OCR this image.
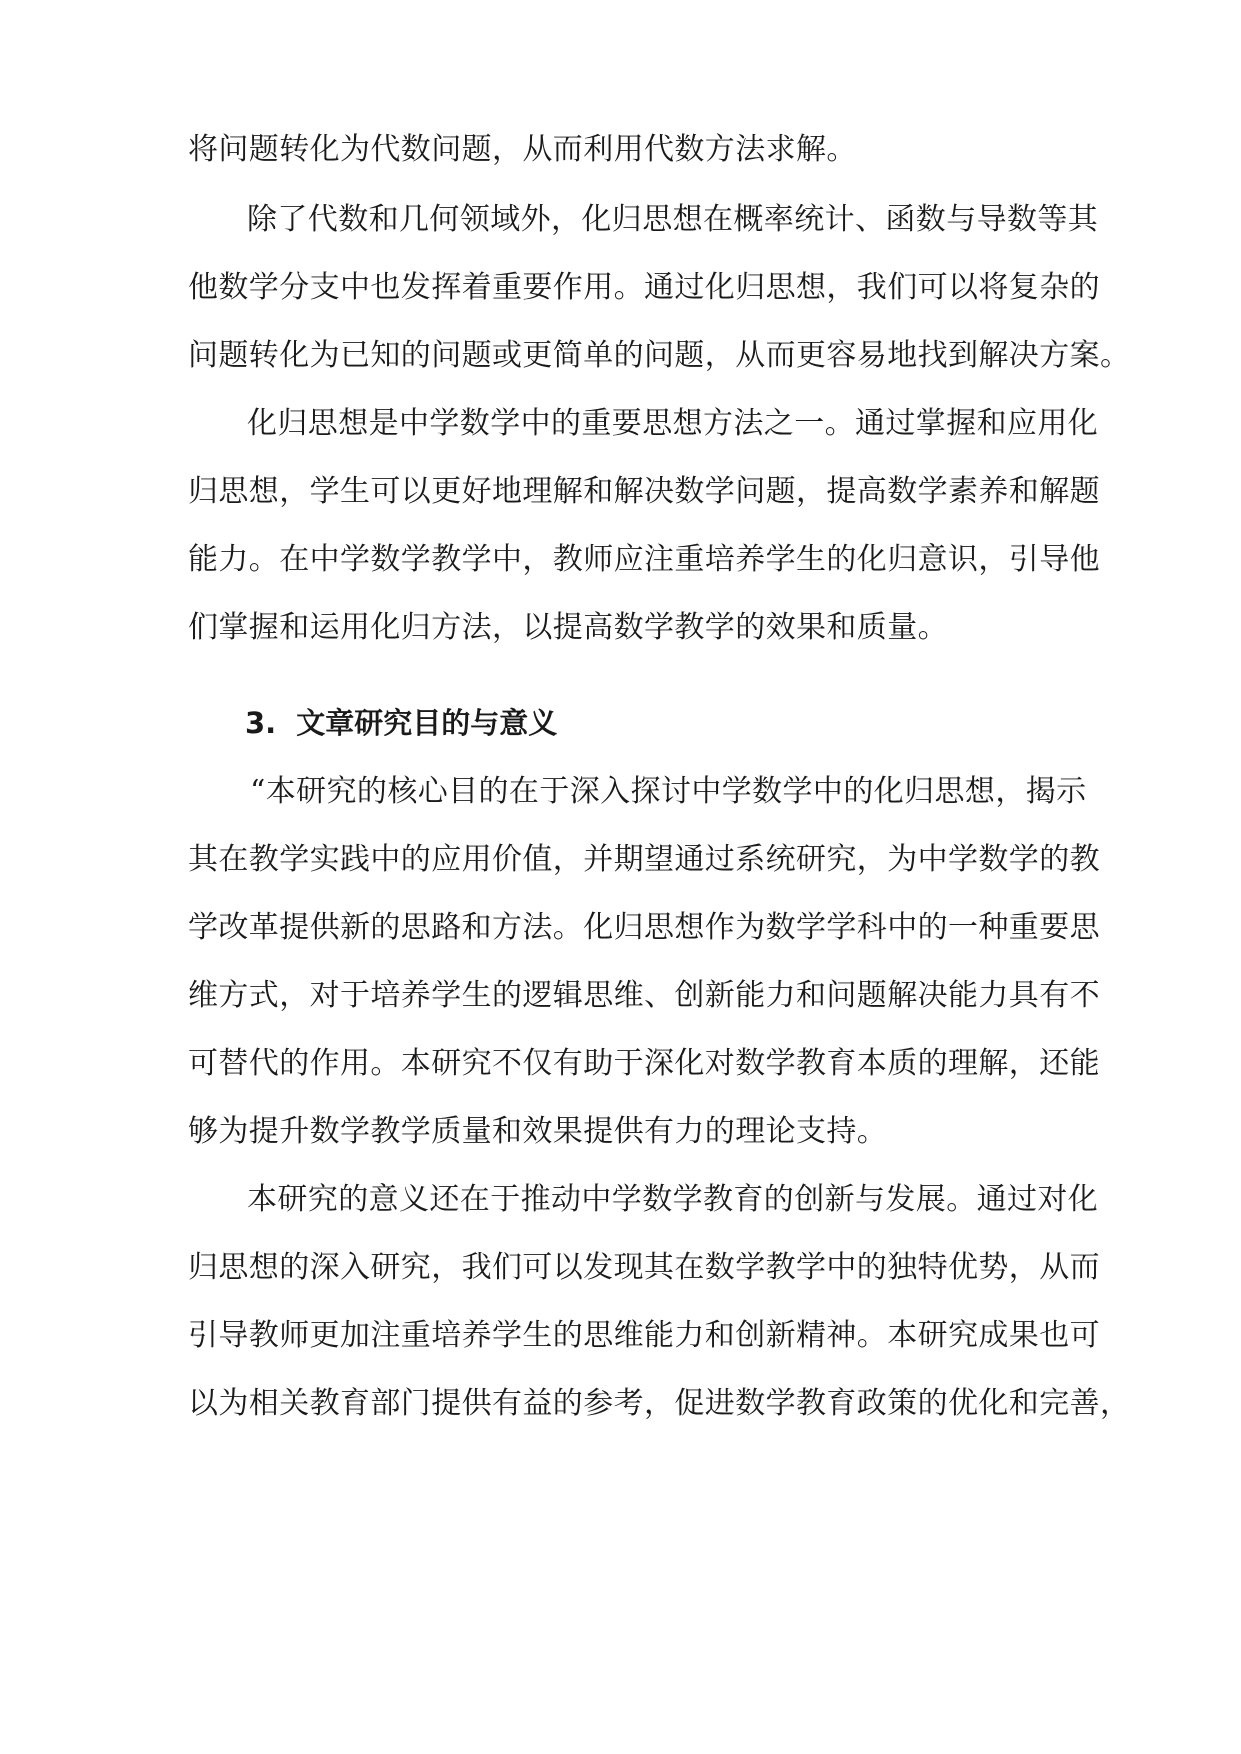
将问题转化为代数问题，从而利用代数方法求解。
除了代数和几何领域外，化归思想在概率统计、函数与导数等其
他数学分支中也发挥着重要作用。通过化归思想，我们可以将复杂的
问题转化为已知的问题或更简单的问题，从而更容易地找到解决方案。
化归思想是中学数学中的重要思想方法之一。通过掌握和应用化
归思想，学生可以更好地理解和解决数学问题，提高数学素养和解题
能力。在中学数学教学中，教师应注重培养学生的化归意识，引导他
们掌握和运用化归方法，以提高数学教学的效果和质量。
3. 文章研究目的与意义
“本研究的核心目的在于深入探讨中学数学中的化归思想，揭示
其在教学实践中的应用价值，并期望通过系统研究，为中学数学的教
学改革提供新的思路和方法。化归思想作为数学学科中的一种重要思
维方式，对于培养学生的逻辑思维、创新能力和问题解决能力具有不
可替代的作用。本研究不仅有助于深化对数学教育本质的理解，还能
够为提升数学教学质量和效果提供有力的理论支持。
本研究的意义还在于推动中学数学教育的创新与发展。通过对化
归思想的深入研究，我们可以发现其在数学教学中的独特优势，从而
引导教师更加注重培养学生的思维能力和创新精神。本研究成果也可
以为相关教育部门提供有益的参考，促进数学教育政策的优化和完善，
